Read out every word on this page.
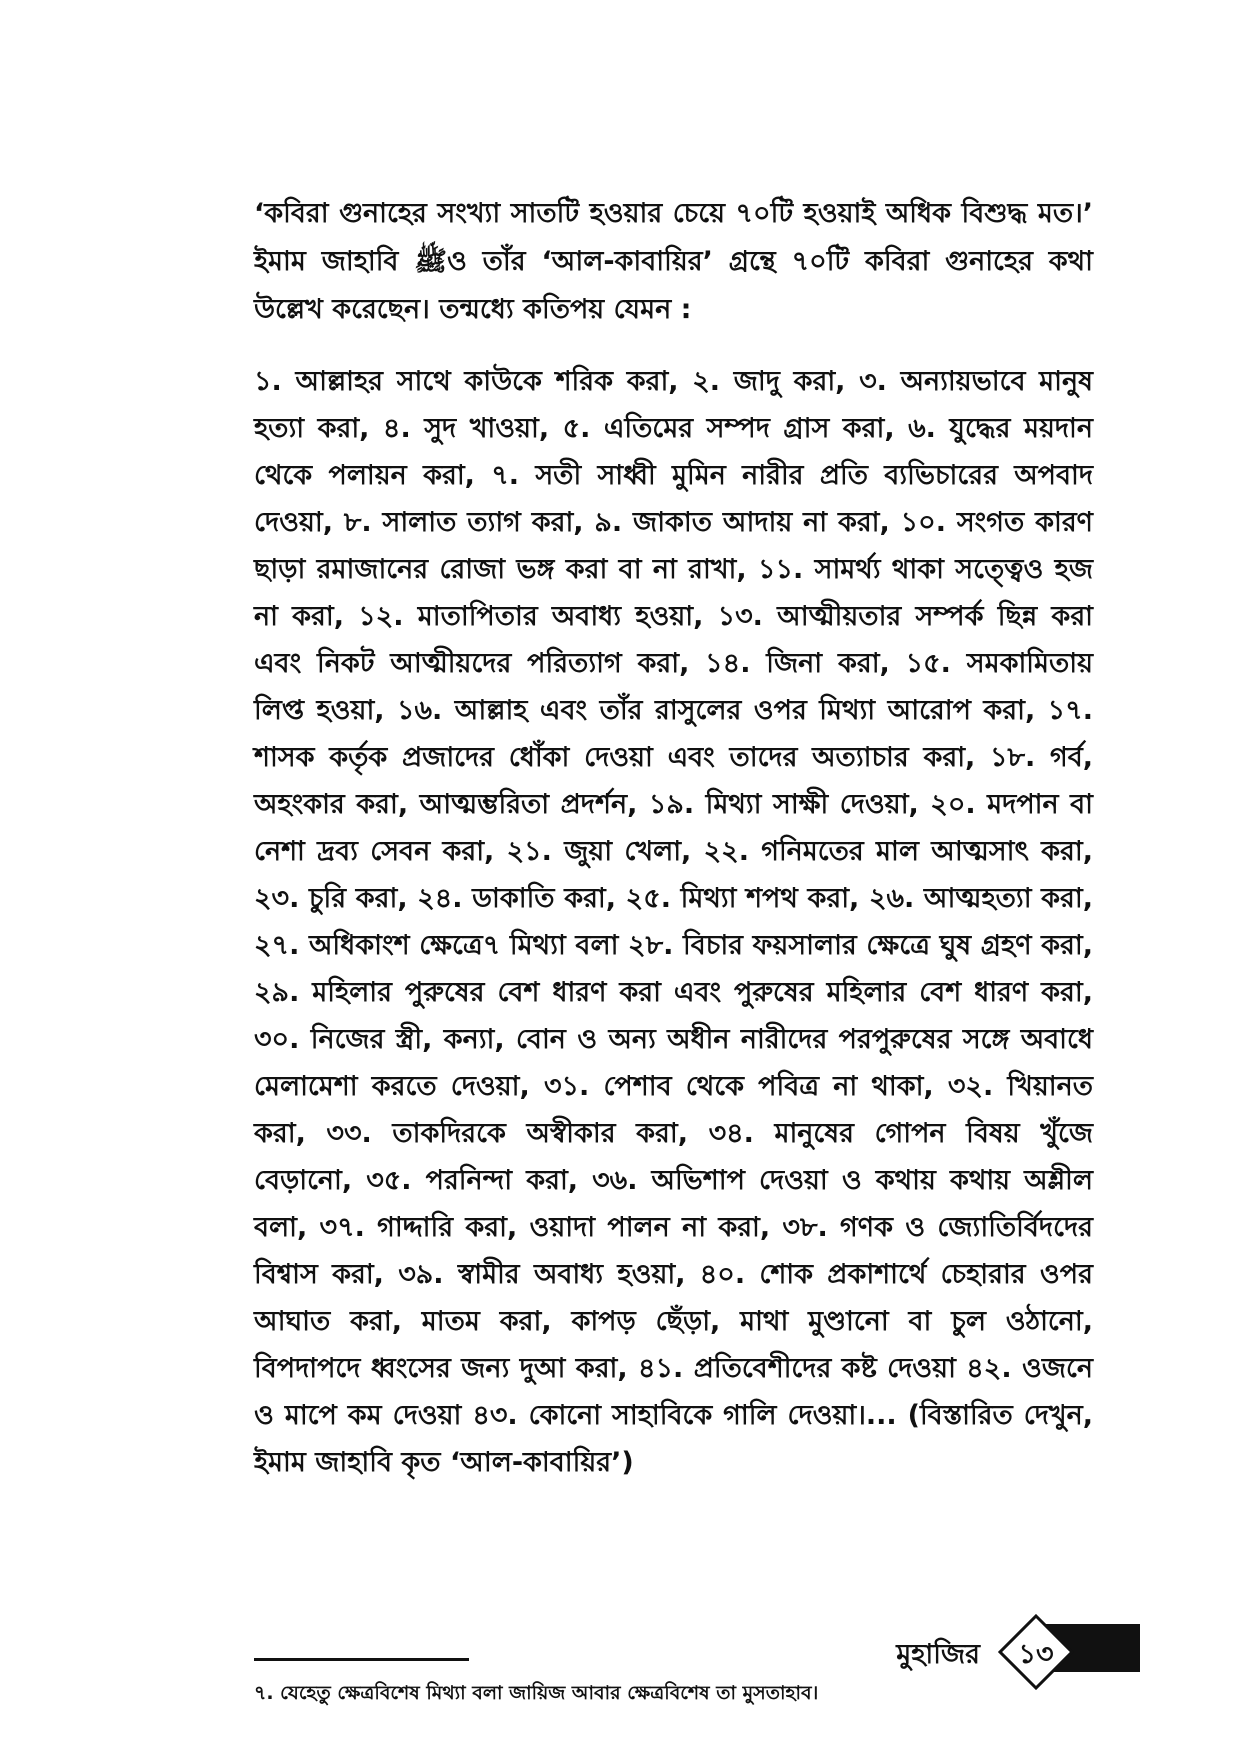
‘কবিরা গুনাহের সংখ্যা সাতটি হওয়ার চেয়ে ৭০টি হওয়াই অধিক বিশুদ্ধ মত।’ ইমাম জাহাবি ﷺও তাঁর ‘আল-কাবায়ির’ গ্রন্থে ৭০টি কবিরা গুনাহের কথা উল্লেখ করেছেন। তন্মধ্যে কতিপয় যেমন :

১. আল্লাহর সাথে কাউকে শরিক করা, ২. জাদু করা, ৩. অন্যায়ভাবে মানুষ হত্যা করা, ৪. সুদ খাওয়া, ৫. এতিমের সম্পদ গ্রাস করা, ৬. যুদ্ধের ময়দান থেকে পলায়ন করা, ৭. সতী সাধ্বী মুমিন নারীর প্রতি ব্যভিচারের অপবাদ দেওয়া, ৮. সালাত ত্যাগ করা, ৯. জাকাত আদায় না করা, ১০. সংগত কারণ ছাড়া রমাজানের রোজা ভঙ্গ করা বা না রাখা, ১১. সামর্থ্য থাকা সত্ত্বেও হজ না করা, ১২. মাতাপিতার অবাধ্য হওয়া, ১৩. আত্মীয়তার সম্পর্ক ছিন্ন করা এবং নিকট আত্মীয়দের পরিত্যাগ করা, ১৪. জিনা করা, ১৫. সমকামিতায় লিপ্ত হওয়া, ১৬. আল্লাহ এবং তাঁর রাসুলের ওপর মিথ্যা আরোপ করা, ১৭. শাসক কর্তৃক প্রজাদের ধোঁকা দেওয়া এবং তাদের অত্যাচার করা, ১৮. গর্ব, অহংকার করা, আত্মম্ভরিতা প্রদর্শন, ১৯. মিথ্যা সাক্ষী দেওয়া, ২০. মদপান বা নেশা দ্রব্য সেবন করা, ২১. জুয়া খেলা, ২২. গনিমতের মাল আত্মসাৎ করা, ২৩. চুরি করা, ২৪. ডাকাতি করা, ২৫. মিথ্যা শপথ করা, ২৬. আত্মহত্যা করা, ২৭. অধিকাংশ ক্ষেত্রে৭ মিথ্যা বলা ২৮. বিচার ফয়সালার ক্ষেত্রে ঘুষ গ্রহণ করা, ২৯. মহিলার পুরুষের বেশ ধারণ করা এবং পুরুষের মহিলার বেশ ধারণ করা, ৩০. নিজের স্ত্রী, কন্যা, বোন ও অন্য অধীন নারীদের পরপুরুষের সঙ্গে অবাধে মেলামেশা করতে দেওয়া, ৩১. পেশাব থেকে পবিত্র না থাকা, ৩২. খিয়ানত করা, ৩৩. তাকদিরকে অস্বীকার করা, ৩৪. মানুষের গোপন বিষয় খুঁজে বেড়ানো, ৩৫. পরনিন্দা করা, ৩৬. অভিশাপ দেওয়া ও কথায় কথায় অশ্লীল বলা, ৩৭. গাদ্দারি করা, ওয়াদা পালন না করা, ৩৮. গণক ও জ্যোতির্বিদদের বিশ্বাস করা, ৩৯. স্বামীর অবাধ্য হওয়া, ৪০. শোক প্রকাশার্থে চেহারার ওপর আঘাত করা, মাতম করা, কাপড় ছেঁড়া, মাথা মুণ্ডানো বা চুল ওঠানো, বিপদাপদে ধ্বংসের জন্য দুআ করা, ৪১. প্রতিবেশীদের কষ্ট দেওয়া ৪২. ওজনে ও মাপে কম দেওয়া ৪৩. কোনো সাহাবিকে গালি দেওয়া।... (বিস্তারিত দেখুন, ইমাম জাহাবি কৃত ‘আল-কাবায়ির’)

৭. যেহেতু ক্ষেত্রবিশেষ মিথ্যা বলা জায়িজ আবার ক্ষেত্রবিশেষ তা মুসতাহাব।

মুহাজির	১৩
